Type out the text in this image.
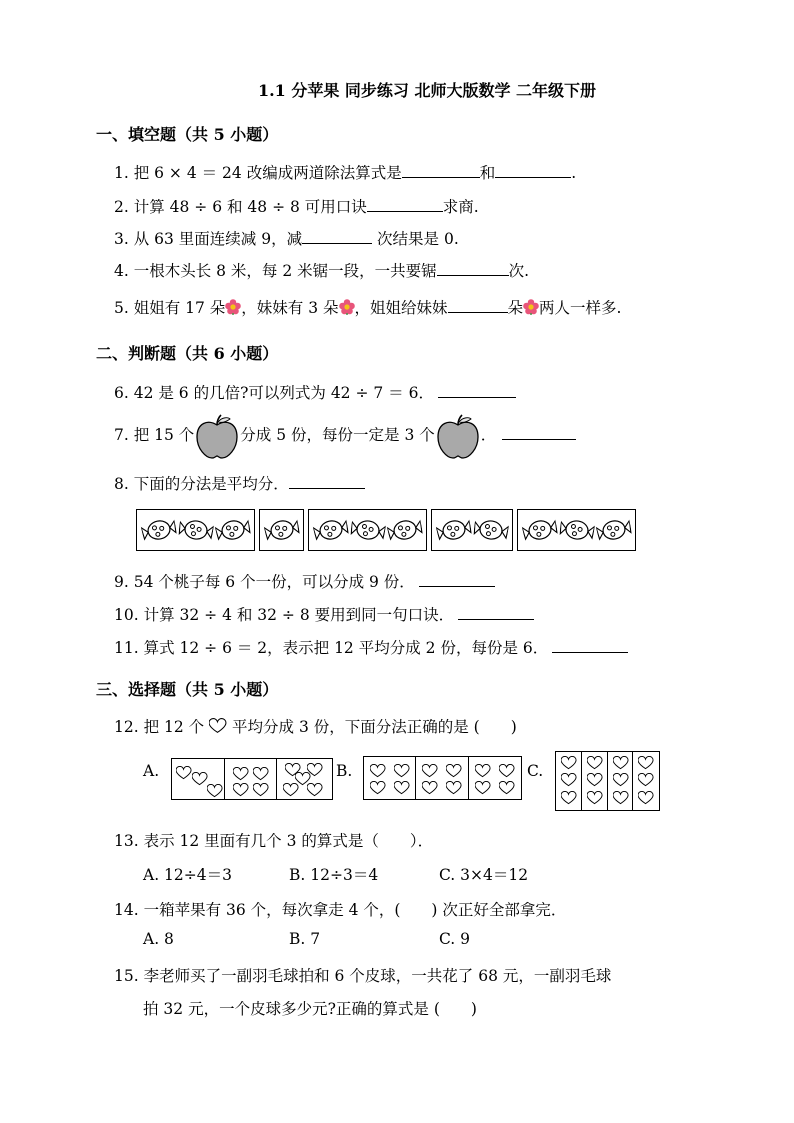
1.1 分苹果 同步练习 北师大版数学 二年级下册
一、填空题（共 5 小题）
1. 把 6 × 4 ＝ 24 改编成两道除法算式是	和	.
2. 计算 48 ÷ 6 和 48 ÷ 8 可用口诀	求商.
3. 从 63 里面连续减 9，减	次结果是 0.
4. 一根木头长 8 米，每 2 米锯一段，一共要锯	次.
5. 姐姐有 17 朵 ，妹妹有 3 朵 ，姐姐给妹妹	朵 两人一样多.
二、判断题（共 6 小题）
6. 42 是 6 的几倍?可以列式为 42 ÷ 7 ＝ 6．
7. 把 15 个	分成 5 份，每份一定是 3 个	．
8. 下面的分法是平均分．
9. 54 个桃子每 6 个一份，可以分成 9 份．
10. 计算 32 ÷ 4 和 32 ÷ 8 要用到同一句口诀．
11. 算式 12 ÷ 6 ＝ 2，表示把 12 平均分成 2 份，每份是 6．
三、选择题（共 5 小题）
12. 把 12 个 平均分成 3 份，下面分法正确的是 (　　)
A.	B.	C.
13. 表示 12 里面有几个 3 的算式是（　　）．
A. 12÷4＝3	B. 12÷3＝4	C. 3×4＝12
14. 一箱苹果有 36 个，每次拿走 4 个，(　　) 次正好全部拿完．
A. 8	B. 7	C. 9
15. 李老师买了一副羽毛球拍和 6 个皮球，一共花了 68 元，一副羽毛球
拍 32 元，一个皮球多少元?正确的算式是 (　　)
